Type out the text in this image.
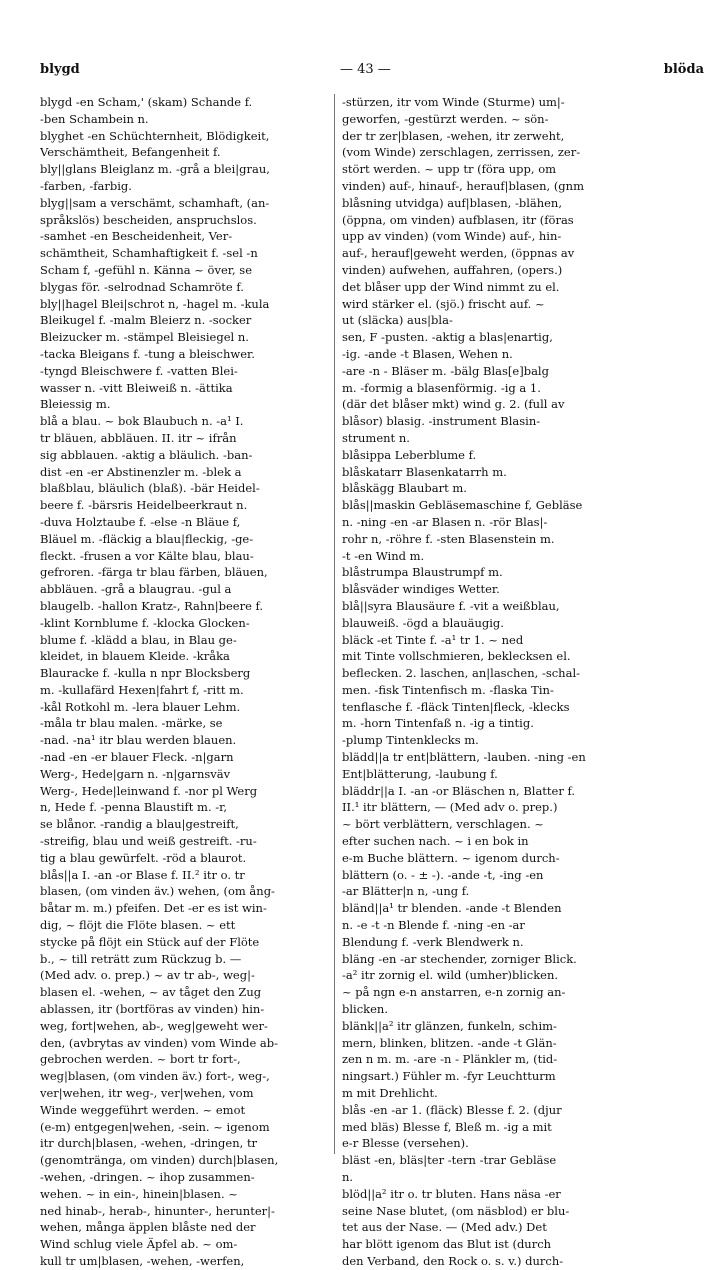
blygd	— 43 —	blöda
blygd -en Scham,' (skam) Schande f.
-ben Schambein n.
blyghet -en Schüchternheit, Blödigkeit,
Verschämtheit, Befangenheit f.
bly||glans Bleiglanz m. -grå a blei|grau,
-farben, -farbig.
blyg||sam a verschämt, schamhaft, (an-
språkslös) bescheiden, anspruchslos.
-samhet -en Bescheidenheit, Ver-
schämtheit, Schamhaftigkeit f. -sel -n
Scham f, -gefühl n. Känna ~ över, se
blygas för. -selrodnad Schamröte f.
bly||hagel Blei|schrot n, -hagel m. -kula
Bleikugel f. -malm Bleierz n. -socker
Bleizucker m. -stämpel Bleisiegel n.
-tacka Bleigans f. -tung a bleischwer.
-tyngd Bleischwere f. -vatten Blei-
wasser n. -vitt Bleiweiß n. -ättika
Bleiessig m.
blå a blau. ~ bok Blaubuch n. -a¹ I.
tr bläuen, abbläuen. II. itr ~ ifrån
sig abblauen. -aktig a bläulich. -ban-
dist -en -er Abstinenzler m. -blek a
blaßblau, bläulich (blaß). -bär Heidel-
beere f. -bärsris Heidelbeerkraut n.
-duva Holztaube f. -else -n Bläue f,
Bläuel m. -fläckig a blau|fleckig, -ge-
fleckt. -frusen a vor Kälte blau, blau-
gefroren. -färga tr blau färben, bläuen,
abbläuen. -grå a blaugrau. -gul a
blaugelb. -hallon Kratz-, Rahn|beere f.
-klint Kornblume f. -klocka Glocken-
blume f. -klädd a blau, in Blau ge-
kleidet, in blauem Kleide. -kråka
Blauracke f. -kulla n npr Blocksberg
m. -kullafärd Hexen|fahrt f, -ritt m.
-kål Rotkohl m. -lera blauer Lehm.
-måla tr blau malen. -märke, se
-nad. -na¹ itr blau werden blauen.
-nad -en -er blauer Fleck. -n|garn
Werg-, Hede|garn n. -n|garnsväv
Werg-, Hede|leinwand f. -nor pl Werg
n, Hede f. -penna Blaustift m. -r,
se blånor. -randig a blau|gestreift,
-streifig, blau und weiß gestreift. -ru-
tig a blau gewürfelt. -röd a blaurot.
blås||a I. -an -or Blase f. II.² itr o. tr
blasen, (om vinden äv.) wehen, (om ång-
båtar m. m.) pfeifen. Det -er es ist win-
dig, ~ flöjt die Flöte blasen. ~ ett
stycke på flöjt ein Stück auf der Flöte
b., ~ till reträtt zum Rückzug b. —
(Med adv. o. prep.) ~ av tr ab-, weg|-
blasen el. -wehen, ~ av tåget den Zug
ablassen, itr (bortföras av vinden) hin-
weg, fort|wehen, ab-, weg|geweht wer-
den, (avbrytas av vinden) vom Winde ab-
gebrochen werden. ~ bort tr fort-,
weg|blasen, (om vinden äv.) fort-, weg-,
ver|wehen, itr weg-, ver|wehen, vom
Winde weggeführt werden. ~ emot
(e-m) entgegen|wehen, -sein. ~ igenom
itr durch|blasen, -wehen, -dringen, tr
(genomtränga, om vinden) durch|blasen,
-wehen, -dringen. ~ ihop zusammen-
wehen. ~ in ein-, hinein|blasen. ~
ned hinab-, herab-, hinunter-, herunter|-
wehen, många äpplen blåste ned der
Wind schlug viele Äpfel ab. ~ om-
kull tr um|blasen, -wehen, -werfen,
-stürzen, itr vom Winde (Sturme) um|-
geworfen, -gestürzt werden. ~ sön-
der tr zer|blasen, -wehen, itr zerweht,
(vom Winde) zerschlagen, zerrissen, zer-
stört werden. ~ upp tr (föra upp, om
vinden) auf-, hinauf-, herauf|blasen, (gnm
blåsning utvidga) auf|blasen, -blähen,
(öppna, om vinden) aufblasen, itr (föras
upp av vinden) (vom Winde) auf-, hin-
auf-, herauf|geweht werden, (öppnas av
vinden) aufwehen, auffahren, (opers.)
det blåser upp der Wind nimmt zu el.
wird stärker el. (sjö.) frischt auf. ~
ut (släcka) aus|bla-
sen, F -pusten. -aktig a blas|enartig,
-ig. -ande -t Blasen, Wehen n.
-are -n - Bläser m. -bälg Blas[e]balg
m. -formig a blasenförmig. -ig a 1.
(där det blåser mkt) wind g. 2. (full av
blåsor) blasig. -instrument Blasin-
strument n.
blåsippa Leberblume f.
blåskatarr Blasenkatarrh m.
blåskägg Blaubart m.
blås||maskin Gebläsemaschine f, Gebläse
n. -ning -en -ar Blasen n. -rör Blas|-
rohr n, -röhre f. -sten Blasenstein m.
-t -en Wind m.
blåstrumpa Blaustrumpf m.
blåsväder windiges Wetter.
blå||syra Blausäure f. -vit a weißblau,
blauweiß. -ögd a blauäugig.
bläck -et Tinte f. -a¹ tr 1. ~ ned
mit Tinte vollschmieren, beklecksen el.
beflecken. 2. laschen, an|laschen, -schal-
men. -fisk Tintenfisch m. -flaska Tin-
tenflasche f. -fläck Tinten|fleck, -klecks
m. -horn Tintenfaß n. -ig a tintig.
-plump Tintenklecks m.
blädd||a tr ent|blättern, -lauben. -ning -en
Ent|blätterung, -laubung f.
bläddr||a I. -an -or Bläschen n, Blatter f.
II.¹ itr blättern, — (Med adv o. prep.)
~ bört verblättern, verschlagen. ~
efter suchen nach. ~ i en bok in
e-m Buche blättern. ~ igenom durch-
blättern (o. - ± -). -ande -t, -ing -en
-ar Blätter|n n, -ung f.
bländ||a¹ tr blenden. -ande -t Blenden
n. -e -t -n Blende f. -ning -en -ar
Blendung f. -verk Blendwerk n.
bläng -en -ar stechender, zorniger Blick.
-a² itr zornig el. wild (umher)blicken.
~ på ngn e-n anstarren, e-n zornig an-
blicken.
blänk||a² itr glänzen, funkeln, schim-
mern, blinken, blitzen. -ande -t Glän-
zen n m. m. -are -n - Plänkler m, (tid-
ningsart.) Fühler m. -fyr Leuchtturm
m mit Drehlicht.
blås -en -ar 1. (fläck) Blesse f. 2. (djur
med bläs) Blesse f, Bleß m. -ig a mit
e-r Blesse (versehen).
bläst -en, bläs|ter -tern -trar Gebläse
n.
blöd||a² itr o. tr bluten. Hans näsa -er
seine Nase blutet, (om näsblod) er blu-
tet aus der Nase. — (Med adv.) Det
har blött igenom das Blut ist (durch
den Verband, den Rock o. s. v.) durch-
